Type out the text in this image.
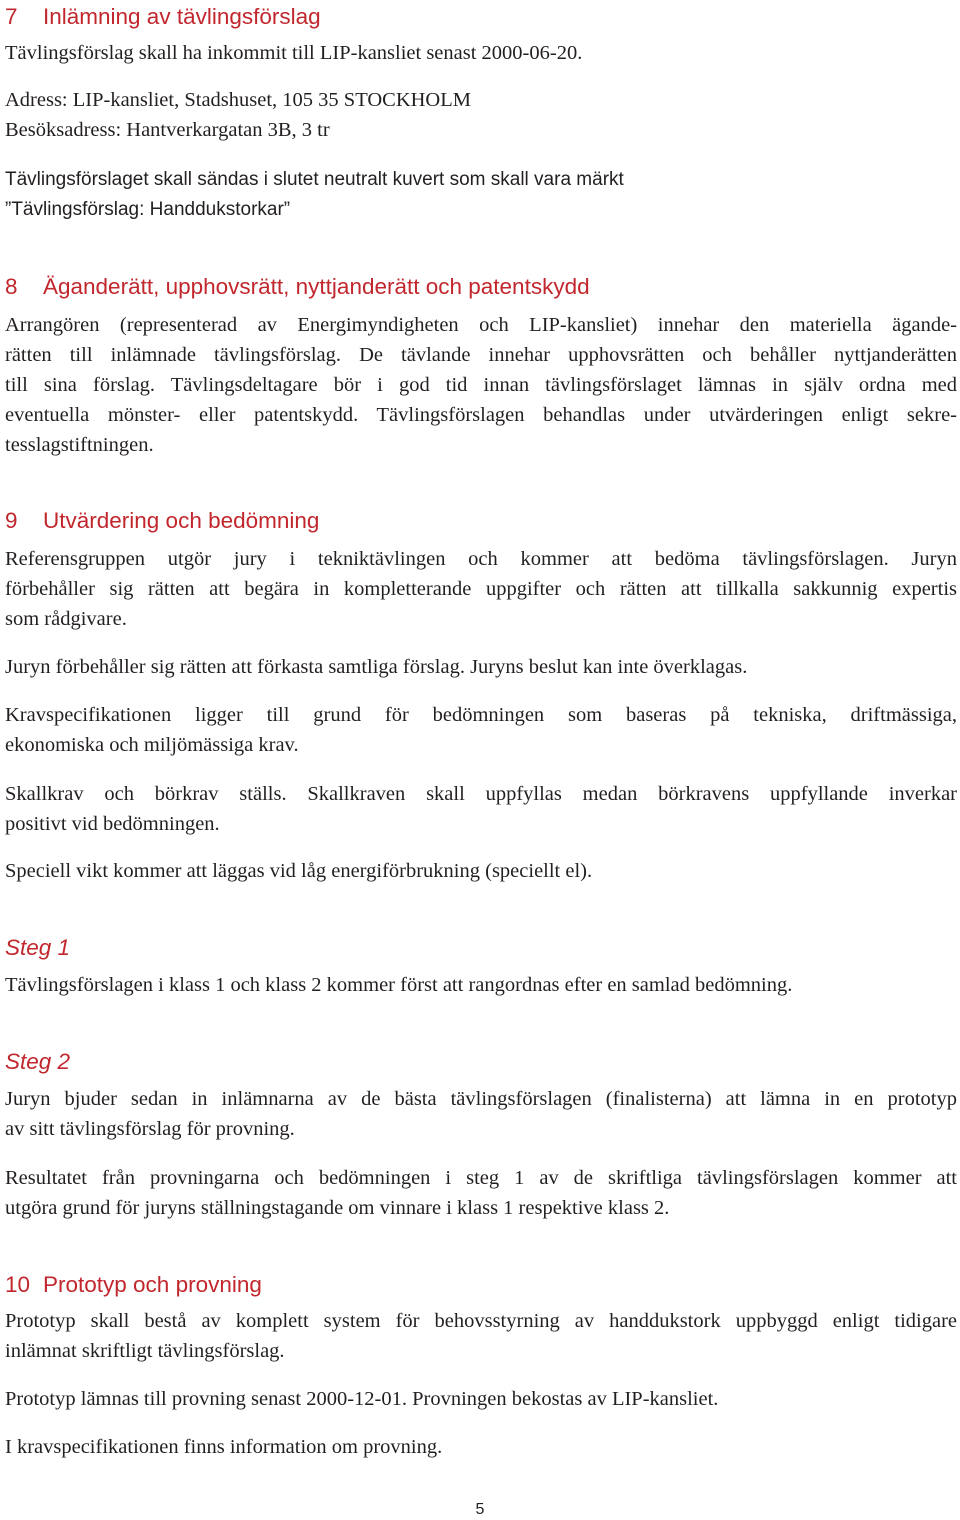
7 Inlämning av tävlingsförslag

Tävlingsförslag skall ha inkommit till LIP-kansliet senast 2000-06-20.

Adress: LIP-kansliet, Stadshuset, 105 35 STOCKHOLM

Besöksadress: Hantverkargatan 3B, 3 tr

Tävlingsförslaget skall sändas i slutet neutralt kuvert som skall vara märkt

”Tävlingsförslag: Handdukstorkar”

8 Äganderätt, upphovsrätt, nyttjanderätt och patentskydd

Arrangören (representerad av Energimyndigheten och LIP-kansliet) innehar den materiella ägande-

rätten till inlämnade tävlingsförslag. De tävlande innehar upphovsrätten och behåller nyttjanderätten

till sina förslag. Tävlingsdeltagare bör i god tid innan tävlingsförslaget lämnas in själv ordna med

eventuella mönster- eller patentskydd. Tävlingsförslagen behandlas under utvärderingen enligt sekre-

tesslagstiftningen.

9 Utvärdering och bedömning

Referensgruppen utgör jury i tekniktävlingen och kommer att bedöma tävlingsförslagen. Juryn

förbehåller sig rätten att begära in kompletterande uppgifter och rätten att tillkalla sakkunnig expertis

som rådgivare.

Juryn förbehåller sig rätten att förkasta samtliga förslag. Juryns beslut kan inte överklagas.

Kravspecifikationen ligger till grund för bedömningen som baseras på tekniska, driftmässiga,

ekonomiska och miljömässiga krav.

Skallkrav och börkrav ställs. Skallkraven skall uppfyllas medan börkravens uppfyllande inverkar

positivt vid bedömningen.

Speciell vikt kommer att läggas vid låg energiförbrukning (speciellt el).

Steg 1

Tävlingsförslagen i klass 1 och klass 2 kommer först att rangordnas efter en samlad bedömning.

Steg 2

Juryn bjuder sedan in inlämnarna av de bästa tävlingsförslagen (finalisterna) att lämna in en prototyp

av sitt tävlingsförslag för provning.

Resultatet från provningarna och bedömningen i steg 1 av de skriftliga tävlingsförslagen kommer att

utgöra grund för juryns ställningstagande om vinnare i klass 1 respektive klass 2.

10 Prototyp och provning

Prototyp skall bestå av komplett system för behovsstyrning av handdukstork uppbyggd enligt tidigare

inlämnat skriftligt tävlingsförslag.

Prototyp lämnas till provning senast 2000-12-01. Provningen bekostas av LIP-kansliet.

I kravspecifikationen finns information om provning.

5
